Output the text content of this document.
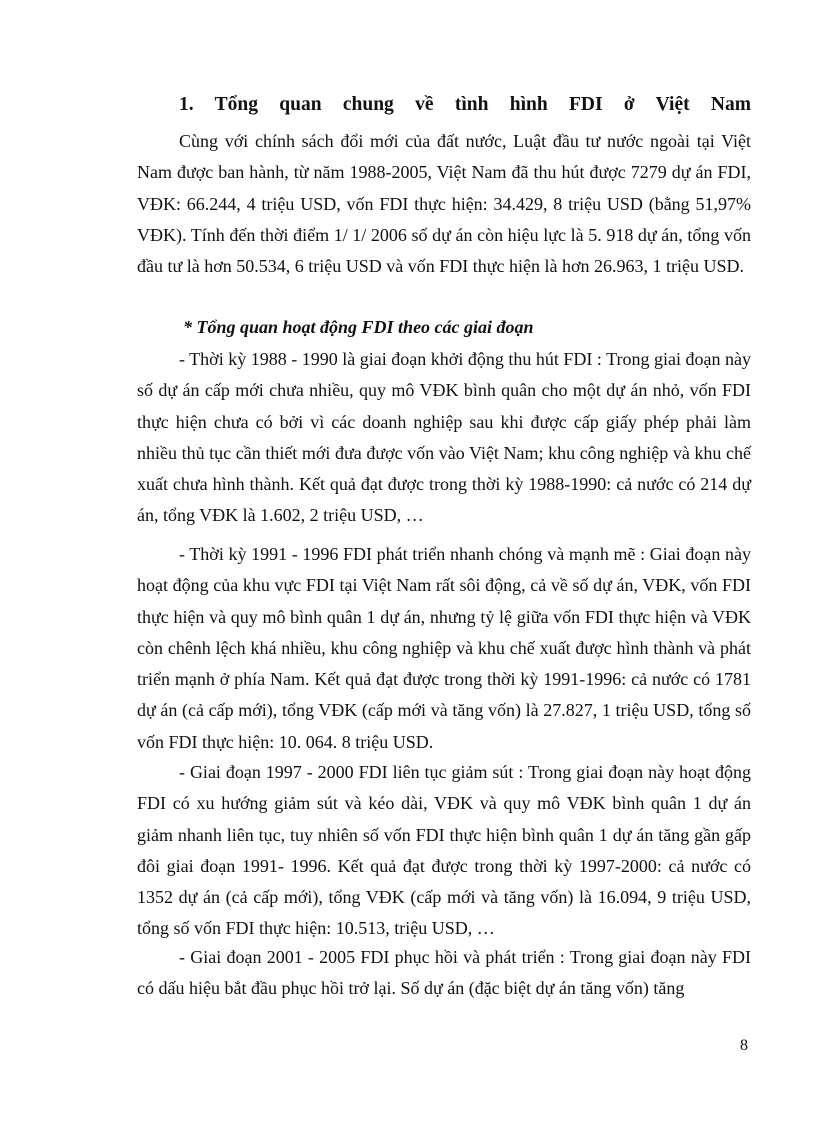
1. Tổng quan chung về tình hình FDI ở Việt Nam

Cùng với chính sách đổi mới của đất nước, Luật đầu tư nước ngoài tại Việt Nam được ban hành, từ năm 1988-2005, Việt Nam đã thu hút được 7279 dự án FDI, VĐK: 66.244, 4 triệu USD, vốn FDI thực hiện: 34.429, 8 triệu USD (bằng 51,97% VĐK). Tính đến thời điểm 1/ 1/ 2006 số dự án còn hiệu lực là 5. 918 dự án, tổng vốn đầu tư là hơn 50.534, 6 triệu USD và vốn FDI thực hiện là hơn 26.963, 1 triệu USD.

* Tổng quan hoạt động FDI theo các giai đoạn

- Thời kỳ 1988 - 1990 là giai đoạn khởi động thu hút FDI : Trong giai đoạn này số dự án cấp mới chưa nhiều, quy mô VĐK bình quân cho một dự án nhỏ, vốn FDI thực hiện chưa có bởi vì các doanh nghiệp sau khi được cấp giấy phép phải làm nhiều thủ tục cần thiết mới đưa được vốn vào Việt Nam; khu công nghiệp và khu chế xuất chưa hình thành. Kết quả đạt được trong thời kỳ 1988-1990: cả nước có 214 dự án, tổng VĐK là 1.602, 2 triệu USD, …

- Thời kỳ 1991 - 1996 FDI phát triển nhanh chóng và mạnh mẽ : Giai đoạn này hoạt động của khu vực FDI tại Việt Nam rất sôi động, cả về số dự án, VĐK, vốn FDI thực hiện và quy mô bình quân 1 dự án, nhưng tỷ lệ giữa vốn FDI thực hiện và VĐK còn chênh lệch khá nhiều, khu công nghiệp và khu chế xuất được hình thành và phát triển mạnh ở phía Nam. Kết quả đạt được trong thời kỳ 1991-1996: cả nước có 1781 dự án (cả cấp mới), tổng VĐK (cấp mới và tăng vốn) là 27.827, 1 triệu USD, tổng số vốn FDI thực hiện: 10. 064. 8 triệu USD.

- Giai đoạn 1997 - 2000 FDI liên tục giảm sút : Trong giai đoạn này hoạt động FDI có xu hướng giảm sút và kéo dài, VĐK và quy mô VĐK bình quân 1 dự án giảm nhanh liên tục, tuy nhiên số vốn FDI thực hiện bình quân 1 dự án tăng gần gấp đôi giai đoạn 1991- 1996. Kết quả đạt được trong thời kỳ 1997-2000: cả nước có 1352 dự án (cả cấp mới), tổng VĐK (cấp mới và tăng vốn) là 16.094, 9 triệu USD, tổng số vốn FDI thực hiện: 10.513, triệu USD, …

- Giai đoạn 2001 - 2005 FDI phục hồi và phát triển : Trong giai đoạn này FDI có dấu hiệu bắt đầu phục hồi trở lại. Số dự án (đặc biệt dự án tăng vốn) tăng

8
